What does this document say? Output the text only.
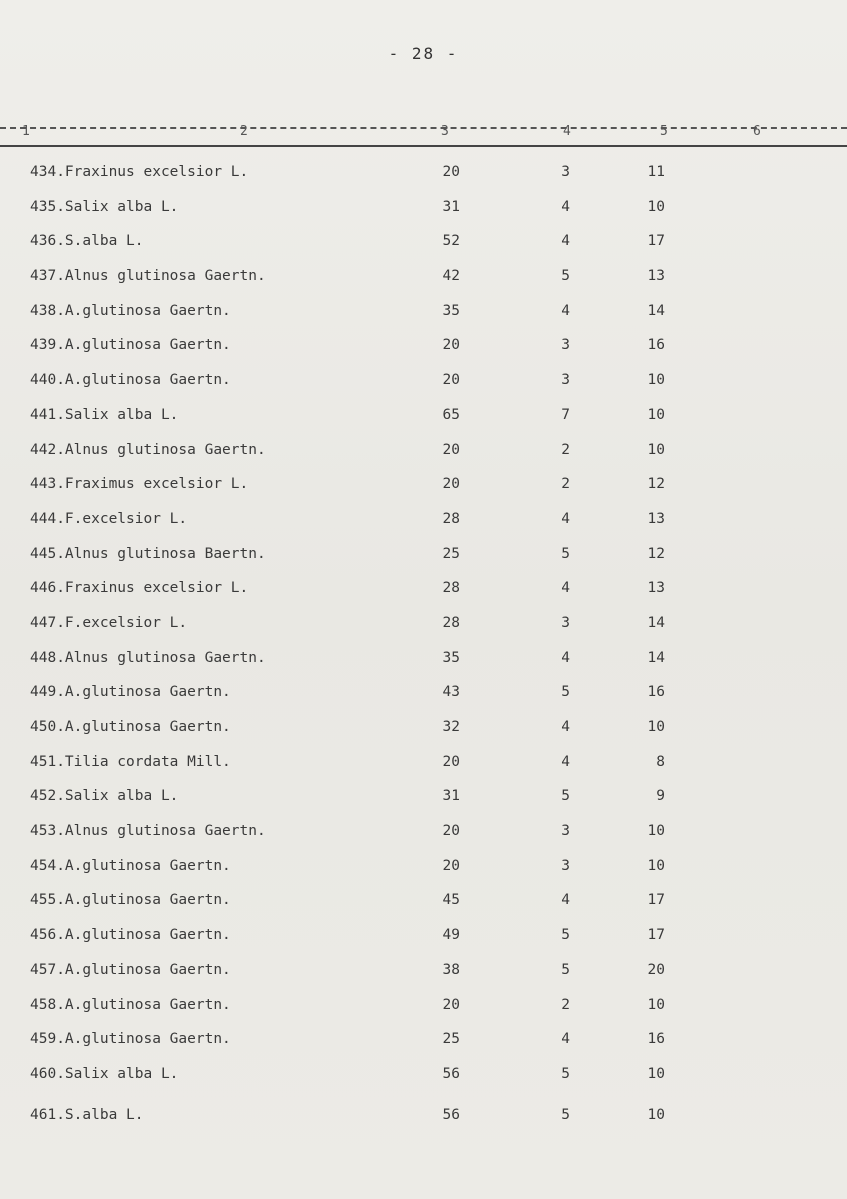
- 28 -
1	2	3	4	5	6
434.Fraxinus excelsior L.	20	3	11
435.Salix alba L.	31	4	10
436.S.alba L.	52	4	17
437.Alnus glutinosa Gaertn.	42	5	13
438.A.glutinosa Gaertn.	35	4	14
439.A.glutinosa Gaertn.	20	3	16
440.A.glutinosa Gaertn.	20	3	10
441.Salix alba L.	65	7	10
442.Alnus glutinosa Gaertn.	20	2	10
443.Fraximus excelsior L.	20	2	12
444.F.excelsior L.	28	4	13
445.Alnus glutinosa Baertn.	25	5	12
446.Fraxinus excelsior L.	28	4	13
447.F.excelsior L.	28	3	14
448.Alnus glutinosa Gaertn.	35	4	14
449.A.glutinosa Gaertn.	43	5	16
450.A.glutinosa Gaertn.	32	4	10
451.Tilia cordata Mill.	20	4	8
452.Salix alba L.	31	5	9
453.Alnus glutinosa Gaertn.	20	3	10
454.A.glutinosa Gaertn.	20	3	10
455.A.glutinosa Gaertn.	45	4	17
456.A.glutinosa Gaertn.	49	5	17
457.A.glutinosa Gaertn.	38	5	20
458.A.glutinosa Gaertn.	20	2	10
459.A.glutinosa Gaertn.	25	4	16
460.Salix alba L.	56	5	10
461.S.alba L.	56	5	10
